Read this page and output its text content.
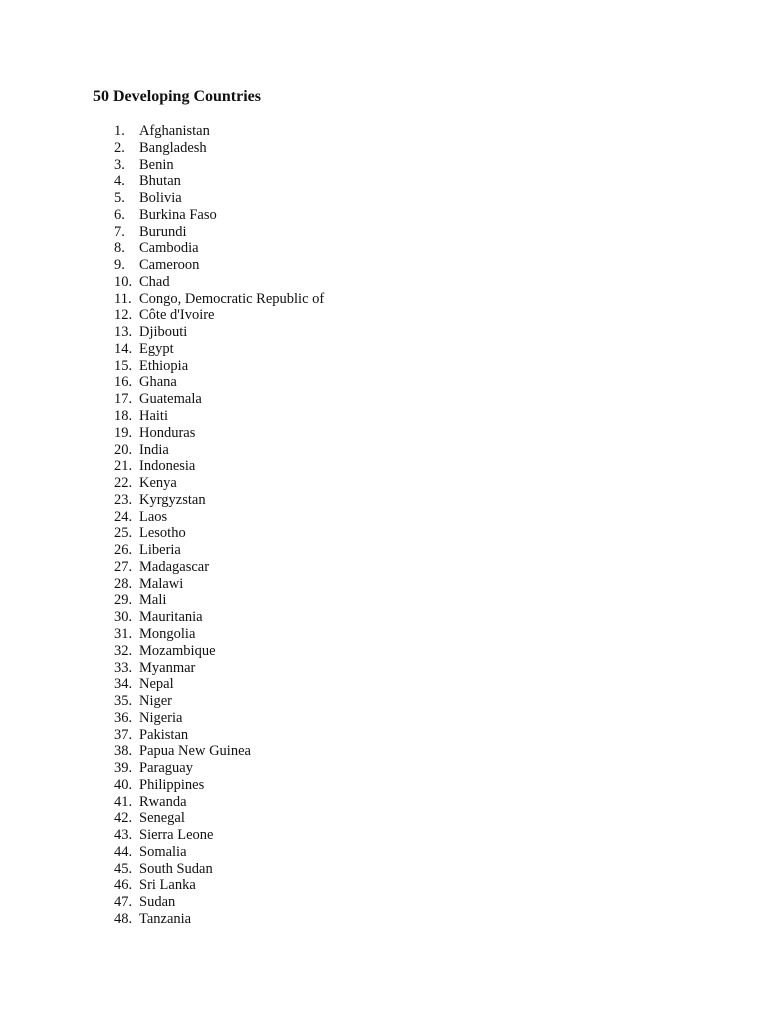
50 Developing Countries
1. Afghanistan
2. Bangladesh
3. Benin
4. Bhutan
5. Bolivia
6. Burkina Faso
7. Burundi
8. Cambodia
9. Cameroon
10. Chad
11. Congo, Democratic Republic of
12. Côte d'Ivoire
13. Djibouti
14. Egypt
15. Ethiopia
16. Ghana
17. Guatemala
18. Haiti
19. Honduras
20. India
21. Indonesia
22. Kenya
23. Kyrgyzstan
24. Laos
25. Lesotho
26. Liberia
27. Madagascar
28. Malawi
29. Mali
30. Mauritania
31. Mongolia
32. Mozambique
33. Myanmar
34. Nepal
35. Niger
36. Nigeria
37. Pakistan
38. Papua New Guinea
39. Paraguay
40. Philippines
41. Rwanda
42. Senegal
43. Sierra Leone
44. Somalia
45. South Sudan
46. Sri Lanka
47. Sudan
48. Tanzania
